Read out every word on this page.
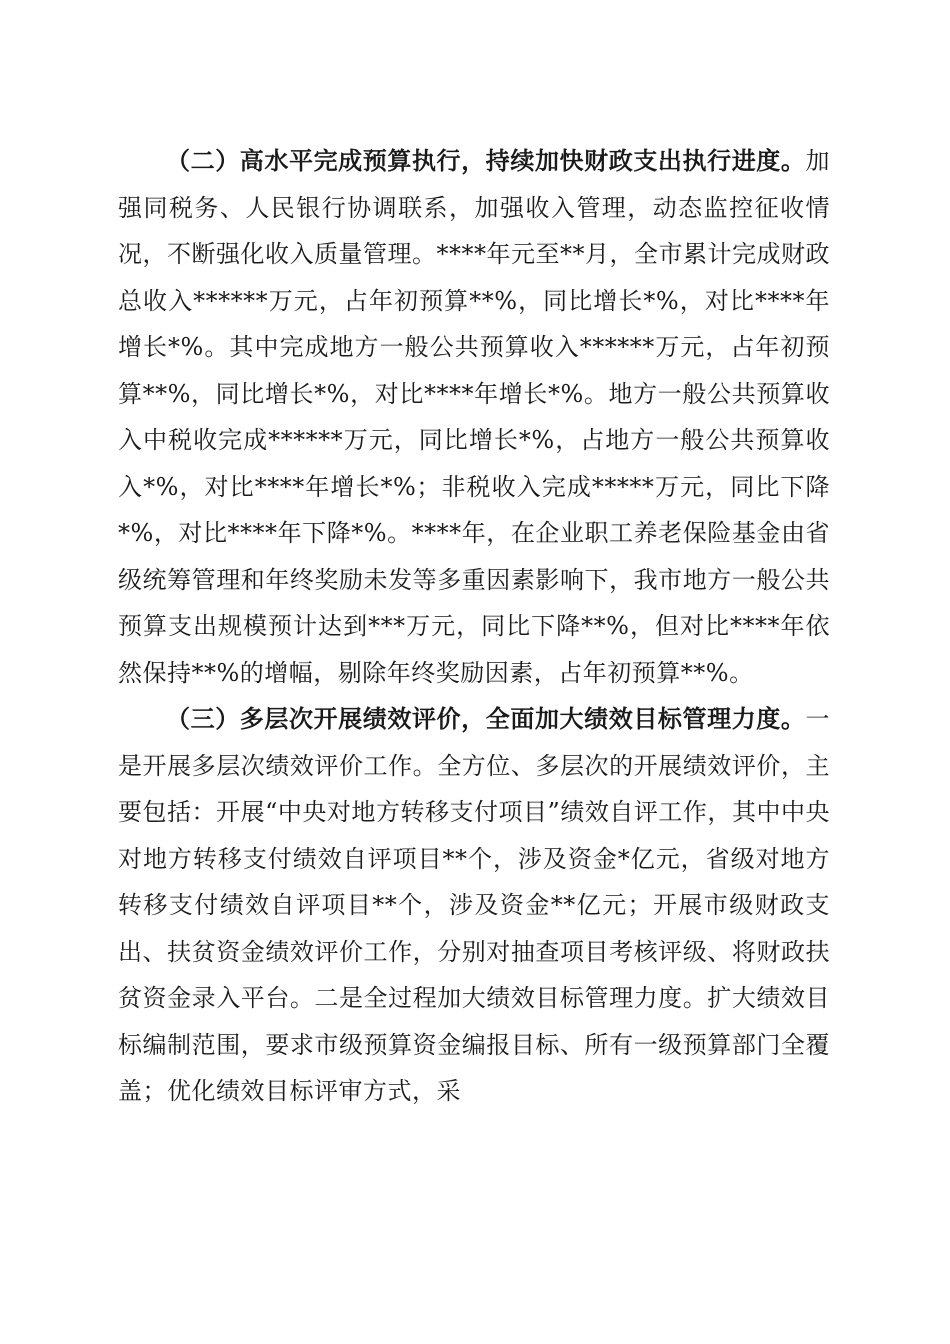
（二）高水平完成预算执行，持续加快财政支出执行进度。加强同税务、人民银行协调联系，加强收入管理，动态监控征收情况，不断强化收入质量管理。****年元至**月，全市累计完成财政总收入******万元，占年初预算**%，同比增长*%，对比****年增长*%。其中完成地方一般公共预算收入******万元，占年初预算**%，同比增长*%，对比****年增长*%。地方一般公共预算收入中税收完成******万元，同比增长*%，占地方一般公共预算收入*%，对比****年增长*%；非税收入完成*****万元，同比下降*%，对比****年下降*%。****年，在企业职工养老保险基金由省级统筹管理和年终奖励未发等多重因素影响下，我市地方一般公共预算支出规模预计达到***万元，同比下降**%，但对比****年依然保持**%的增幅，剔除年终奖励因素，占年初预算**%。

（三）多层次开展绩效评价，全面加大绩效目标管理力度。一是开展多层次绩效评价工作。全方位、多层次的开展绩效评价，主要包括：开展“中央对地方转移支付项目”绩效自评工作，其中中央对地方转移支付绩效自评项目**个，涉及资金*亿元，省级对地方转移支付绩效自评项目**个，涉及资金**亿元；开展市级财政支出、扶贫资金绩效评价工作，分别对抽查项目考核评级、将财政扶贫资金录入平台。二是全过程加大绩效目标管理力度。扩大绩效目标编制范围，要求市级预算资金编报目标、所有一级预算部门全覆盖；优化绩效目标评审方式，采
